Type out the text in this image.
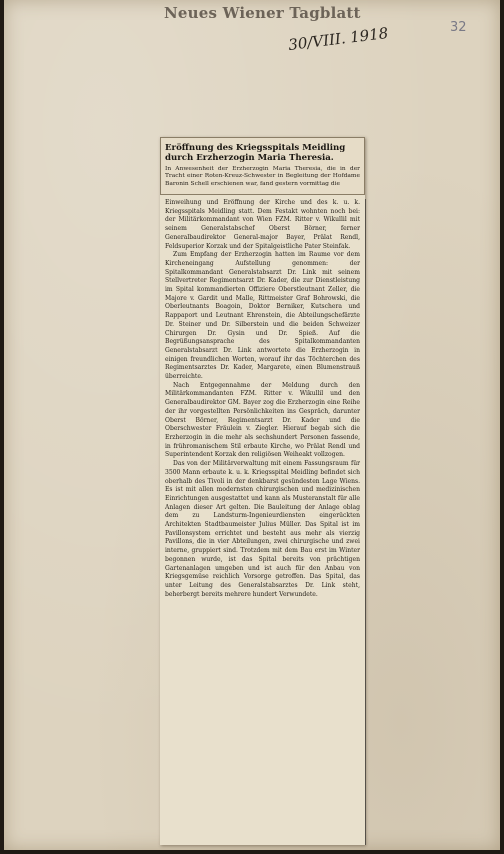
Neues Wiener Tagblatt
30/VIII. 1918	32
Eröffnung des Kriegsspitals Meidling durch Erzherzogin Maria Theresia.
In Anwesenheit der Erzherzogin Maria Theresia, die in der Tracht einer Roten-Kreuz-Schwester in Begleitung der Hofdame Baronin Schell erschienen war, fand gestern vormittag die

Einweihung und Eröffnung der Kirche und des k. u. k. Kriegsspitals Meidling statt. Dem Festakt wohnten noch bei: der Militärkommandant von Wien FZM. Ritter v. Wikullil mit seinem Generalstabschef Oberst Börner, ferner Generalbaudirektor General-major Bayer, Prälat Rendl, Feldsuperior Korzak und der Spitalgeistliche Pater Steinfak.

Zum Empfang der Erzherzogin hatten im Raume vor dem Kircheneingang Aufstellung genommen: der Spitalkommandant Generalstabsarzt Dr. Link mit seinem Stellvertreter Regimentsarzt Dr. Kader, die zur Dienstleistung im Spital kommandierten Offiziere Oberstleutnant Zeller, die Majore v. Gardit und Malle, Rittmeister Graf Bohrowski, die Oberleutnants Boagoin, Doktor Berniker, Kutschera und Rappaport und Leutnant Ehrenstein, die Abteilungschefärzte Dr. Steiner und Dr. Silberstein und die beiden Schweizer Chirurgen Dr. Gysin und Dr. Spieß. Auf die Begrüßungsansprache des Spitalkommandanten Generalstabsarzt Dr. Link antwortete die Erzherzogin in einigen freundlichen Worten, worauf ihr das Töchterchen des Regimentsarztes Dr. Kader, Margarete, einen Blumenstrauß überreichte.

Nach Entgegennahme der Meldung durch den Militärkommandanten FZM. Ritter v. Wikullil und den Generalbaudirektor GM. Bayer zog die Erzherzogin eine Reihe der ihr vorgestellten Persönlichkeiten ins Gespräch, darunter Oberst Börner, Regimentsarzt Dr. Kader und die Oberschwester Fräulein v. Ziegler. Hierauf begab sich die Erzherzogin in die mehr als sechshundert Personen fassende, in frühromanischem Stil erbaute Kirche, wo Prälat Rendl und Superintendent Korzak den religiösen Weiheakt vollzogen.

Das von der Militärverwaltung mit einem Fassungsraum für 3500 Mann erbaute k. u. k. Kriegsspital Meidling befindet sich oberhalb des Tivoli in der denkbarst gesündesten Lage Wiens. Es ist mit allen modernsten chirurgischen und medizinischen Einrichtungen ausgestattet und kann als Musteranstalt für alle Anlagen dieser Art gelten. Die Bauleitung der Anlage oblag dem zu Landsturm-Ingenieurdiensten eingerückten Architekten Stadtbaumeister Julius Müller. Das Spital ist im Pavillonsystem errichtet und besteht aus mehr als vierzig Pavillons, die in vier Abteilungen, zwei chirurgische und zwei interne, gruppiert sind. Trotzdem mit dem Bau erst im Winter begonnen wurde, ist das Spital bereits von prächtigen Gartenanlagen umgeben und ist auch für den Anbau von Kriegsgemüse reichlich Vorsorge getroffen. Das Spital, das unter Leitung des Generalstabsarztes Dr. Link steht, beherbergt bereits mehrere hundert Verwundete.
